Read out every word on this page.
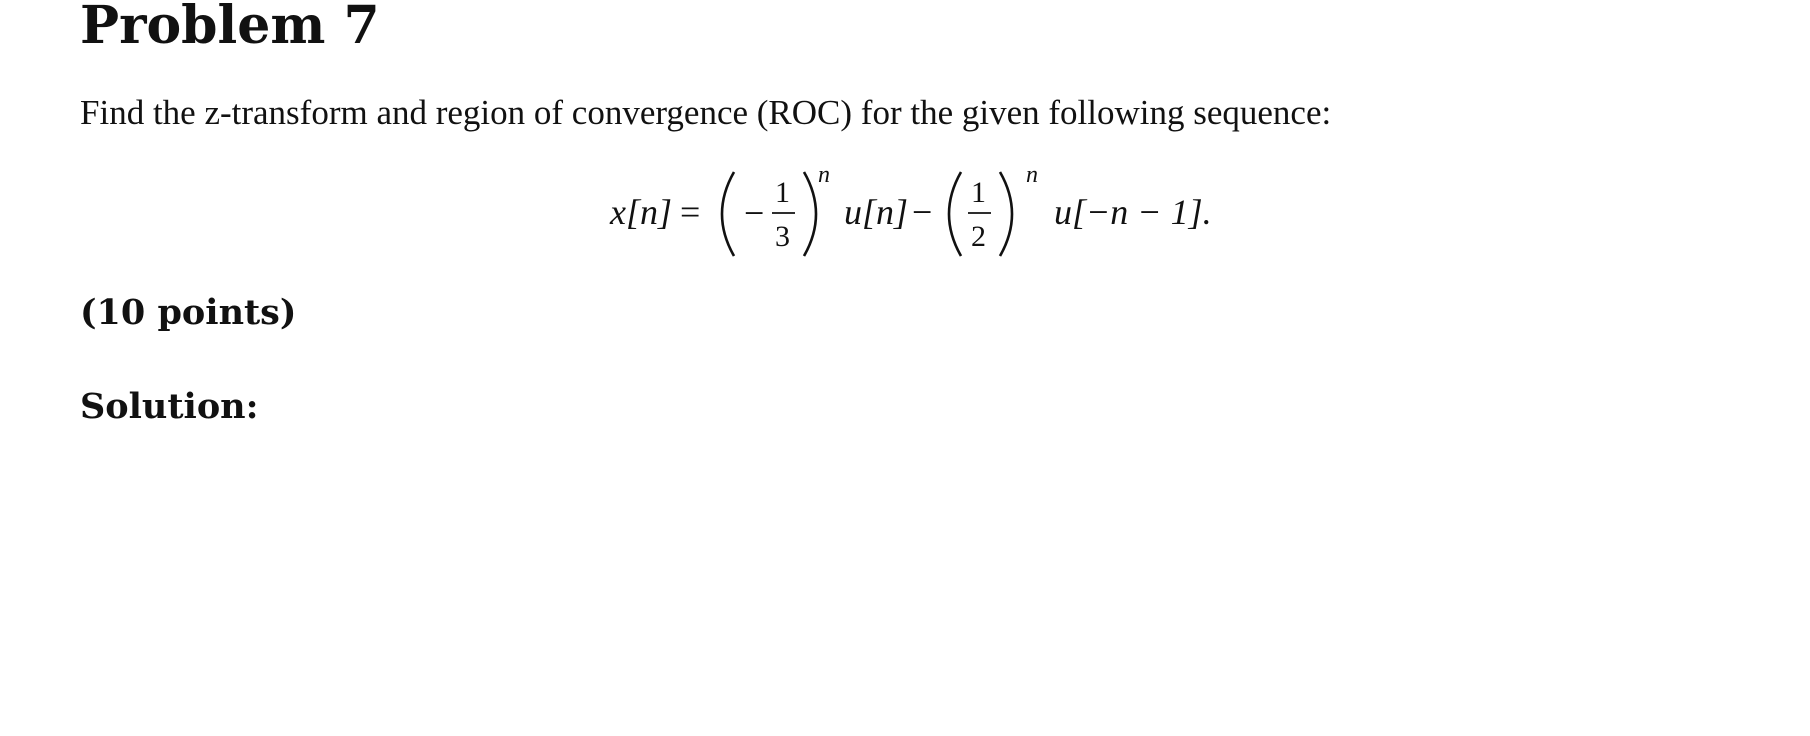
Problem 7

Find the z-transform and region of convergence (ROC) for the given following sequence:

x[n] = −
1
3
n
u[n] − 1
2
n
u[−n − 1].

(10 points)

Solution:
